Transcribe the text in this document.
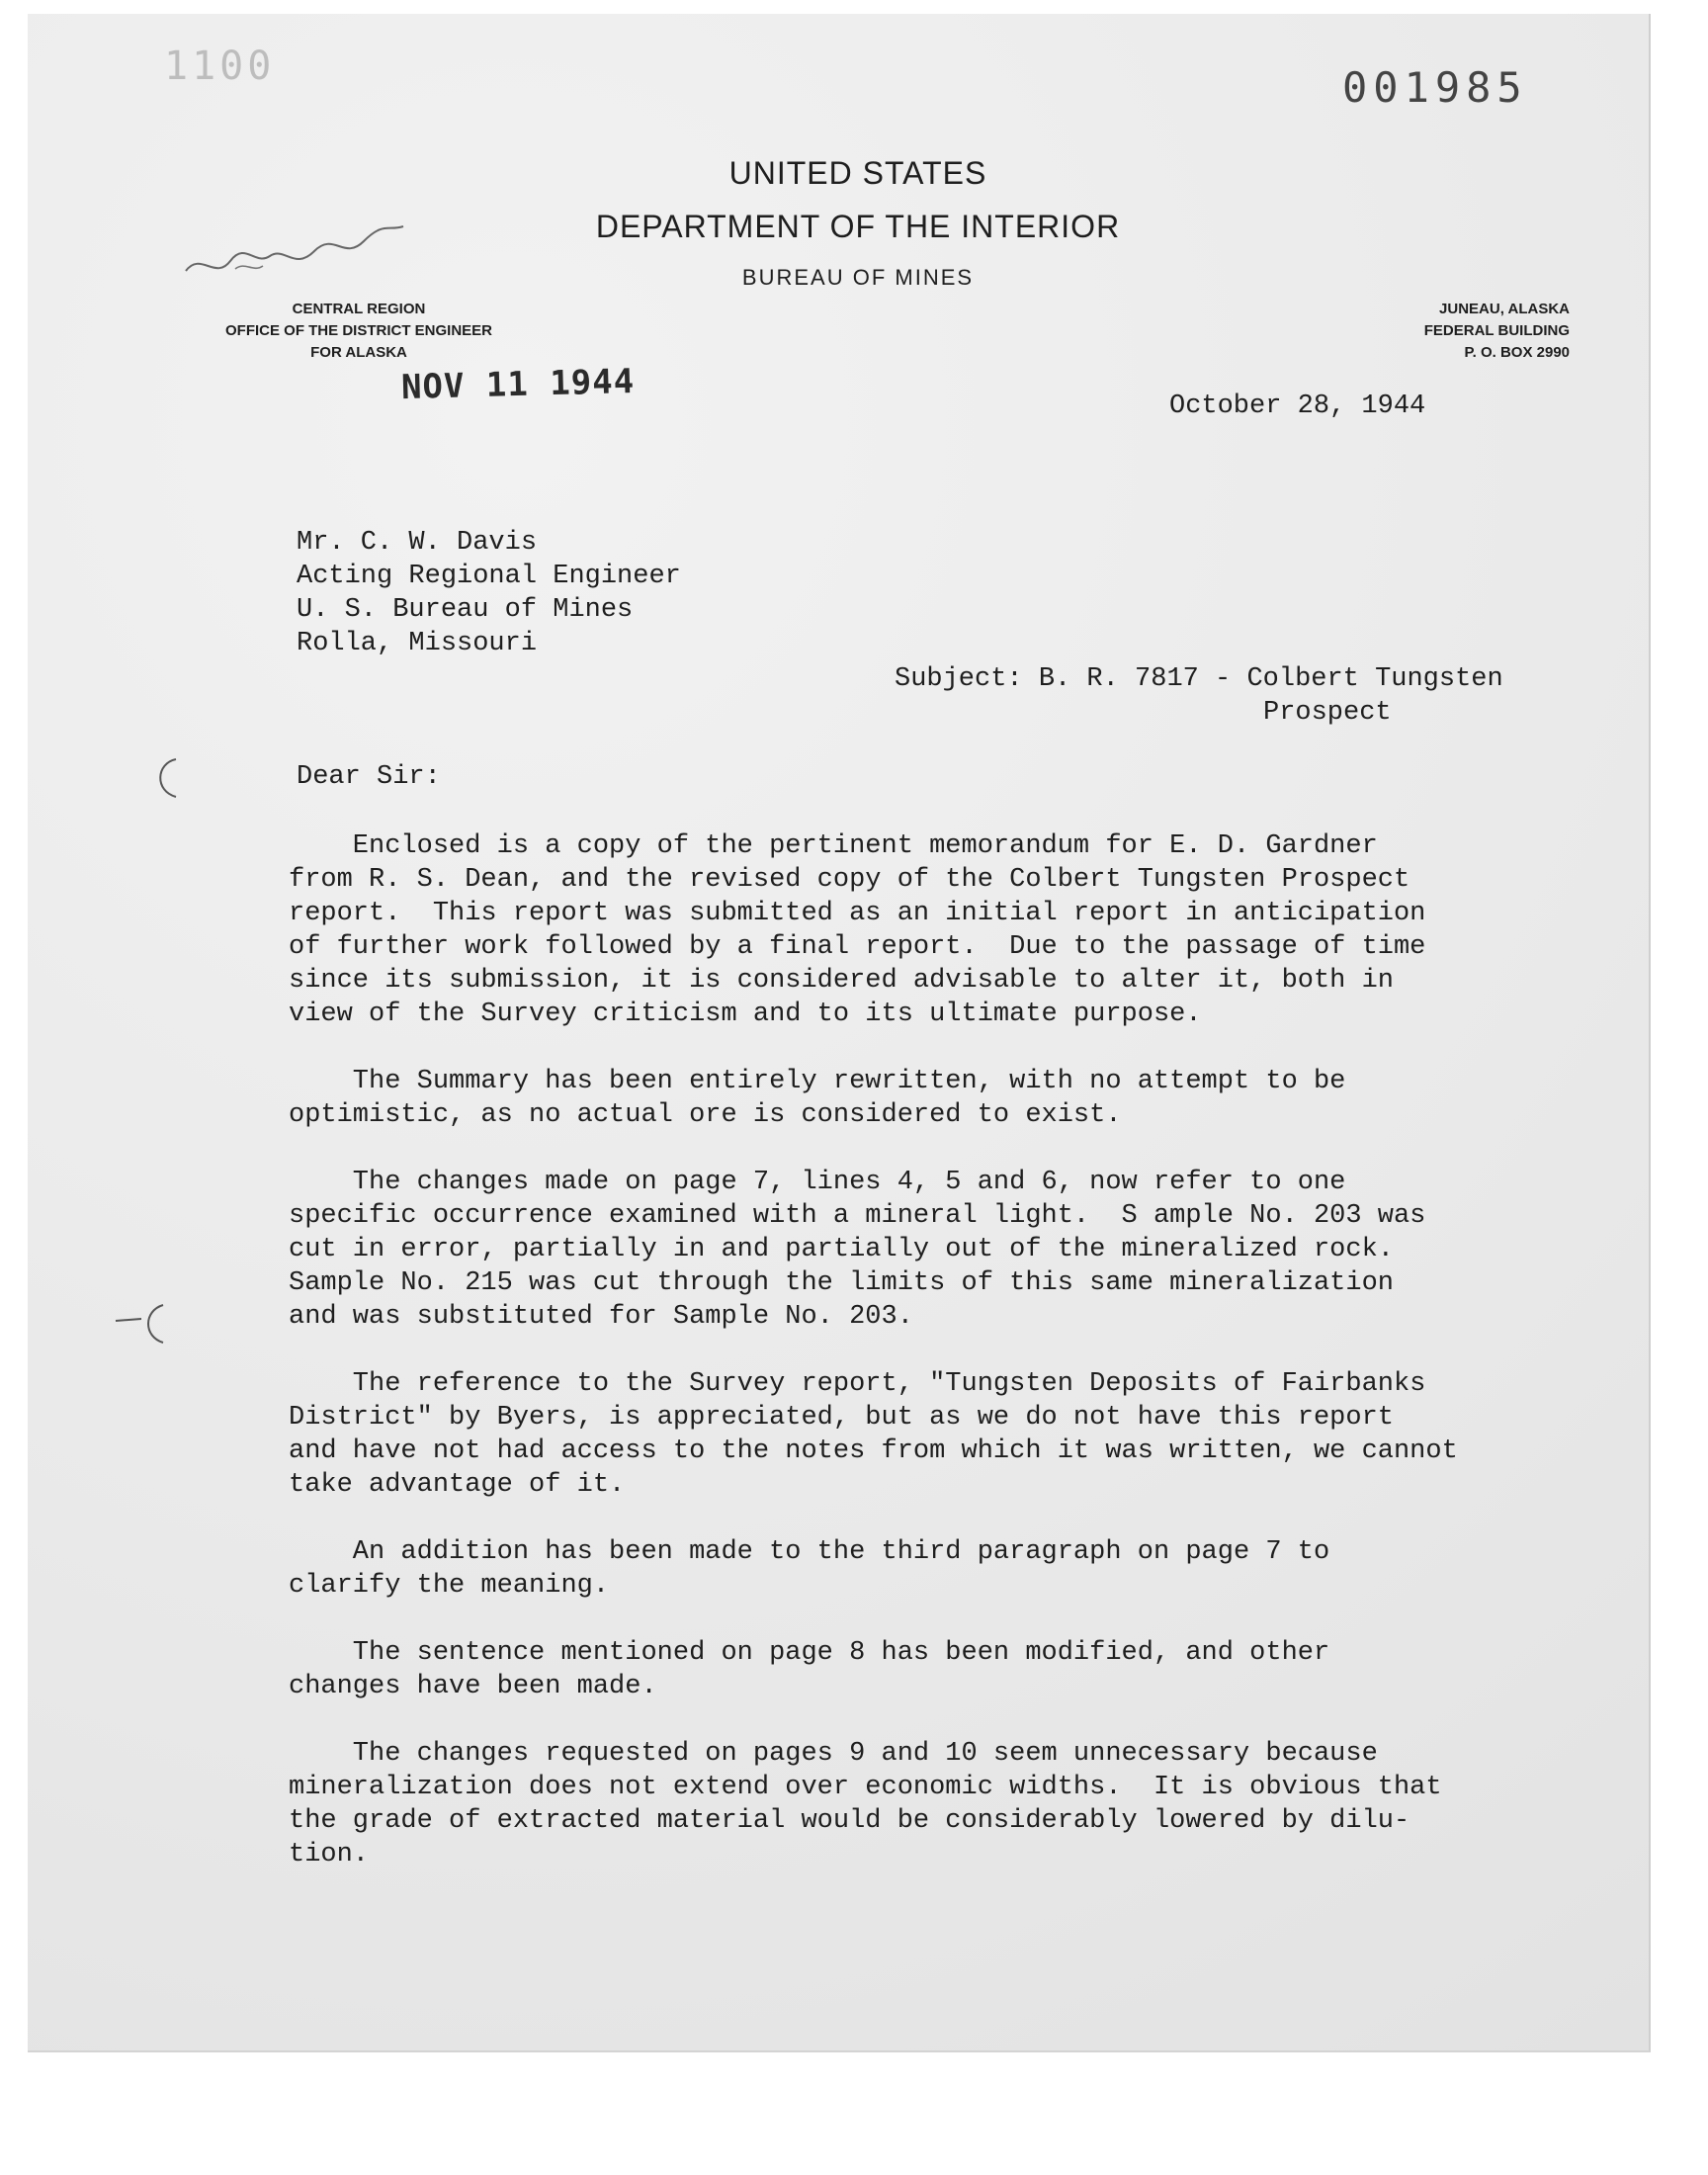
1100	001985
UNITED STATES
DEPARTMENT OF THE INTERIOR
BUREAU OF MINES
CENTRAL REGION
OFFICE OF THE DISTRICT ENGINEER
FOR ALASKA
JUNEAU, ALASKA
FEDERAL BUILDING
P. O. BOX 2990
NOV 11 1944	October 28, 1944
Mr. C. W. Davis
Acting Regional Engineer
U. S. Bureau of Mines
Rolla, Missouri
Subject: B. R. 7817 - Colbert Tungsten
Prospect
Dear Sir:

Enclosed is a copy of the pertinent memorandum for E. D. Gardner
from R. S. Dean, and the revised copy of the Colbert Tungsten Prospect
report.  This report was submitted as an initial report in anticipation
of further work followed by a final report.  Due to the passage of time
since its submission, it is considered advisable to alter it, both in
view of the Survey criticism and to its ultimate purpose.

The Summary has been entirely rewritten, with no attempt to be
optimistic, as no actual ore is considered to exist.

The changes made on page 7, lines 4, 5 and 6, now refer to one
specific occurrence examined with a mineral light.  S ample No. 203 was
cut in error, partially in and partially out of the mineralized rock.
Sample No. 215 was cut through the limits of this same mineralization
and was substituted for Sample No. 203.

The reference to the Survey report, "Tungsten Deposits of Fairbanks
District" by Byers, is appreciated, but as we do not have this report
and have not had access to the notes from which it was written, we cannot
take advantage of it.

An addition has been made to the third paragraph on page 7 to
clarify the meaning.

The sentence mentioned on page 8 has been modified, and other
changes have been made.

The changes requested on pages 9 and 10 seem unnecessary because
mineralization does not extend over economic widths.  It is obvious that
the grade of extracted material would be considerably lowered by dilu-
tion.
